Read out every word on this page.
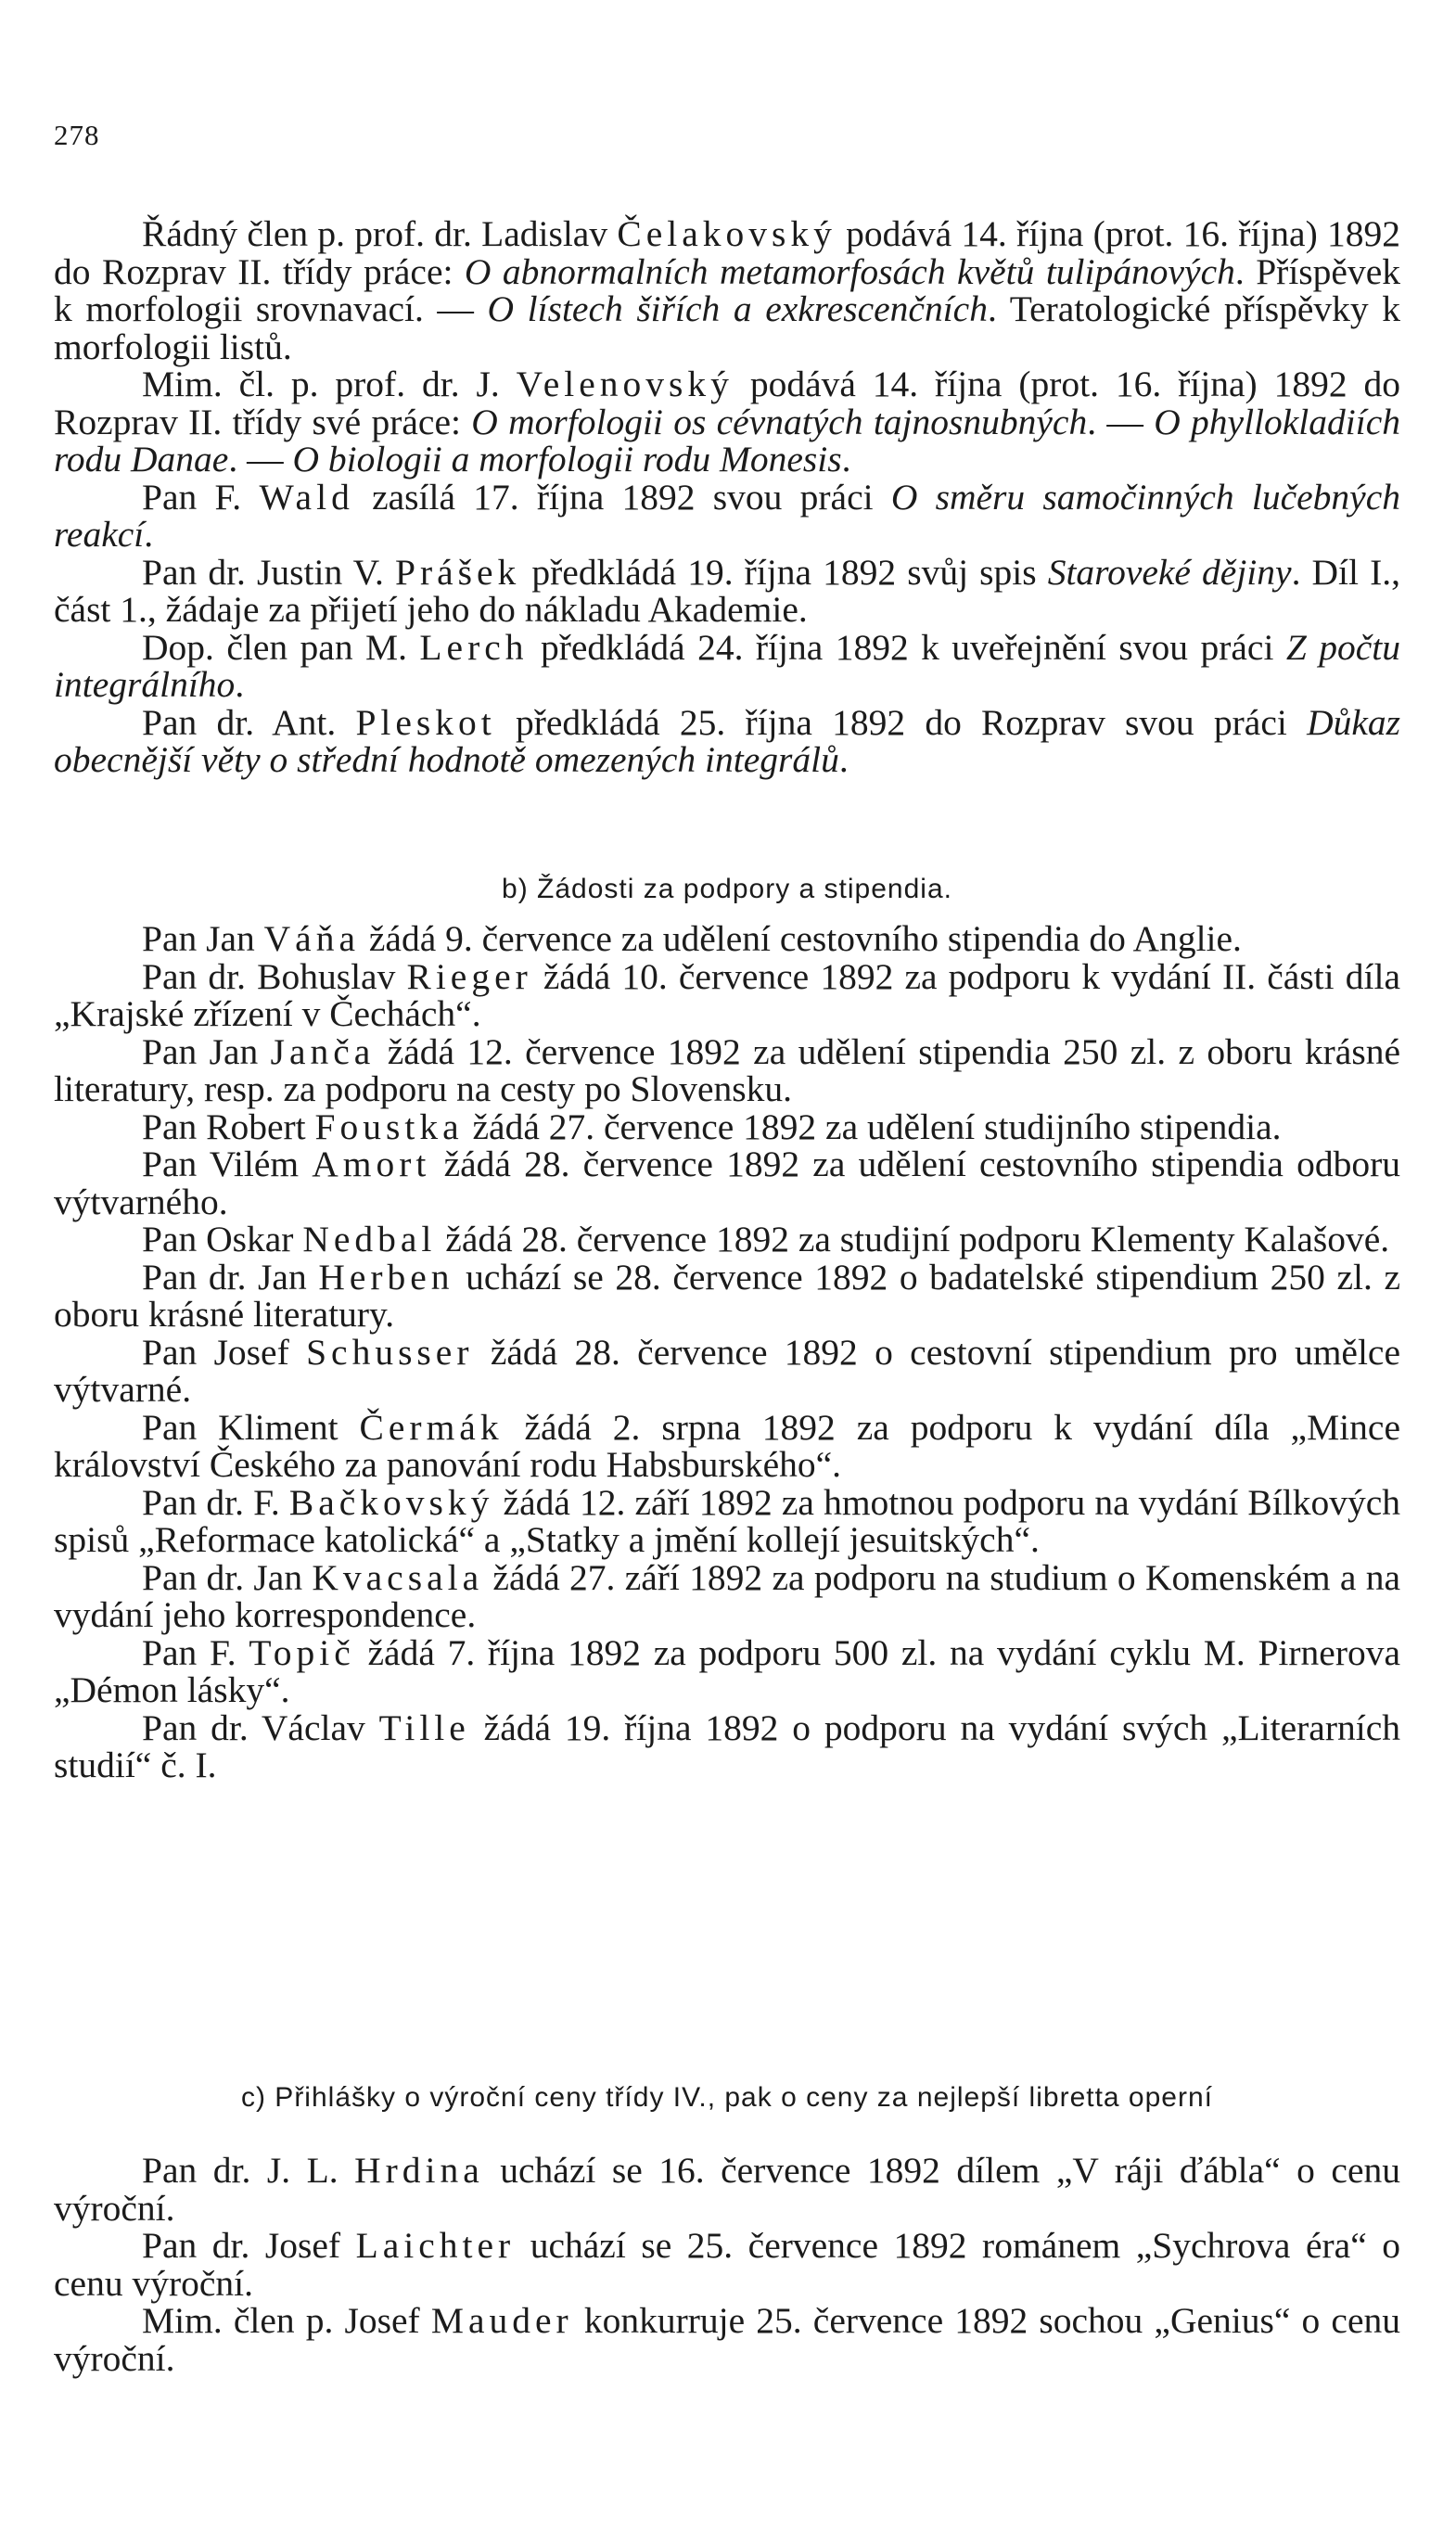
278

Řádný člen p. prof. dr. Ladislav Čelakovský podává 14. října (prot. 16. října) 1892 do Rozprav II. třídy práce: O abnormalních metamorfosách květů tulipánových. Příspěvek k morfologii srovnavací. — O lístech šiřích a exkrescenčních. Teratologické příspěvky k morfologii listů.

Mim. čl. p. prof. dr. J. Velenovský podává 14. října (prot. 16. října) 1892 do Rozprav II. třídy své práce: O morfologii os cévnatých tajnosnubných. — O phyllokladiích rodu Danae. — O biologii a morfologii rodu Monesis.

Pan F. Wald zasílá 17. října 1892 svou práci O směru samočinných lučebných reakcí.

Pan dr. Justin V. Prášek předkládá 19. října 1892 svůj spis Staroveké dějiny. Díl I., část 1., žádaje za přijetí jeho do nákladu Akademie.

Dop. člen pan M. Lerch předkládá 24. října 1892 k uveřejnění svou práci Z počtu integrálního.

Pan dr. Ant. Pleskot předkládá 25. října 1892 do Rozprav svou práci Důkaz obecnější věty o střední hodnotě omezených integrálů.

b) Žádosti za podpory a stipendia.

Pan Jan Váňa žádá 9. července za udělení cestovního stipendia do Anglie.

Pan dr. Bohuslav Rieger žádá 10. července 1892 za podporu k vydání II. části díla „Krajské zřízení v Čechách“.

Pan Jan Janča žádá 12. července 1892 za udělení stipendia 250 zl. z oboru krásné literatury, resp. za podporu na cesty po Slovensku.

Pan Robert Foustka žádá 27. července 1892 za udělení studijního stipendia.

Pan Vilém Amort žádá 28. července 1892 za udělení cestovního stipendia odboru výtvarného.

Pan Oskar Nedbal žádá 28. července 1892 za studijní podporu Klementy Kalašové.

Pan dr. Jan Herben uchází se 28. července 1892 o badatelské stipendium 250 zl. z oboru krásné literatury.

Pan Josef Schusser žádá 28. července 1892 o cestovní stipendium pro umělce výtvarné.

Pan Kliment Čermák žádá 2. srpna 1892 za podporu k vydání díla „Mince království Českého za panování rodu Habsburského“.

Pan dr. F. Bačkovský žádá 12. září 1892 za hmotnou podporu na vydání Bílkových spisů „Reformace katolická“ a „Statky a jmění kollejí jesuitských“.

Pan dr. Jan Kvacsala žádá 27. září 1892 za podporu na studium o Komenském a na vydání jeho korrespondence.

Pan F. Topič žádá 7. října 1892 za podporu 500 zl. na vydání cyklu M. Pirnerova „Démon lásky“.

Pan dr. Václav Tille žádá 19. října 1892 o podporu na vydání svých „Literarních studií“ č. I.

c) Přihlášky o výroční ceny třídy IV., pak o ceny za nejlepší libretta operní

Pan dr. J. L. Hrdina uchází se 16. července 1892 dílem „V ráji ďábla“ o cenu výroční.

Pan dr. Josef Laichter uchází se 25. července 1892 románem „Sychrova éra“ o cenu výroční.

Mim. člen p. Josef Mauder konkurruje 25. července 1892 sochou „Genius“ o cenu výroční.
